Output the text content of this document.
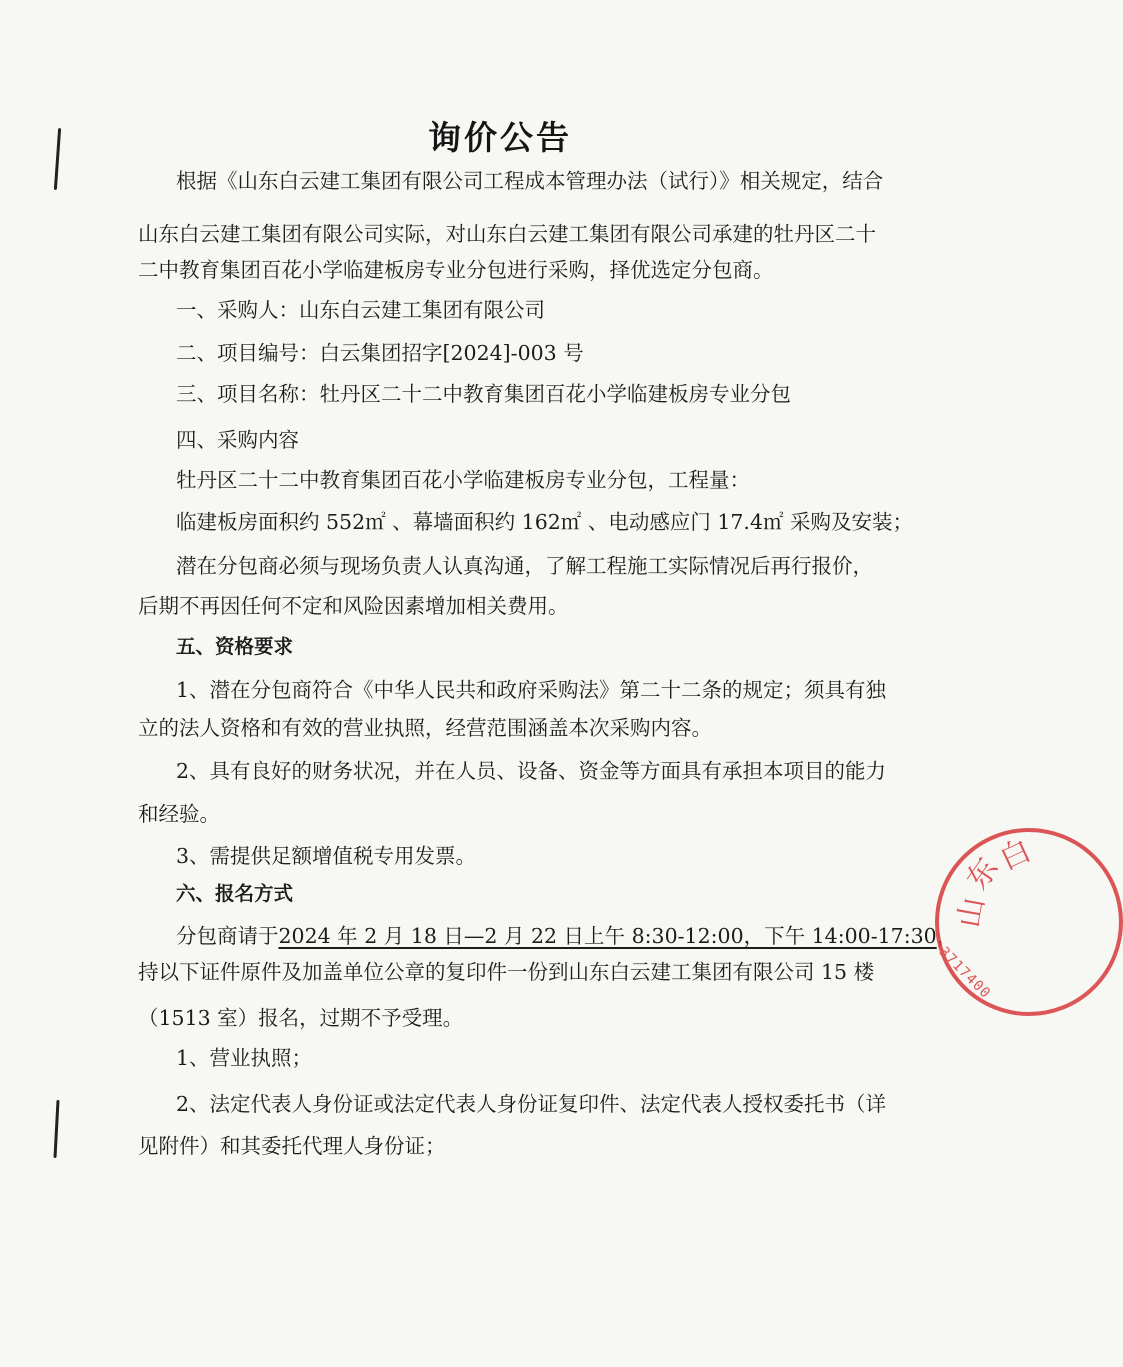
询价公告
根据《山东白云建工集团有限公司工程成本管理办法（试行）》相关规定，结合
山东白云建工集团有限公司实际，对山东白云建工集团有限公司承建的牡丹区二十
二中教育集团百花小学临建板房专业分包进行采购，择优选定分包商。
一、采购人：山东白云建工集团有限公司
二、项目编号：白云集团招字[2024]-003 号
三、项目名称：牡丹区二十二中教育集团百花小学临建板房专业分包
四、采购内容
牡丹区二十二中教育集团百花小学临建板房专业分包，工程量：
临建板房面积约 552㎡ 、幕墙面积约 162㎡ 、电动感应门 17.4㎡ 采购及安装；
潜在分包商必须与现场负责人认真沟通，了解工程施工实际情况后再行报价，
后期不再因任何不定和风险因素增加相关费用。
五、资格要求
1、潜在分包商符合《中华人民共和政府采购法》第二十二条的规定；须具有独
立的法人资格和有效的营业执照，经营范围涵盖本次采购内容。
2、具有良好的财务状况，并在人员、设备、资金等方面具有承担本项目的能力
和经验。
3、需提供足额增值税专用发票。
六、报名方式
分包商请于2024 年 2 月 18 日—2 月 22 日上午 8:30-12:00，下午 14:00-17:30，
持以下证件原件及加盖单位公章的复印件一份到山东白云建工集团有限公司 15 楼
（1513 室）报名，过期不予受理。
1、营业执照；
2、法定代表人身份证或法定代表人身份证复印件、法定代表人授权委托书（详
见附件）和其委托代理人身份证；
山
东
白
3717400
